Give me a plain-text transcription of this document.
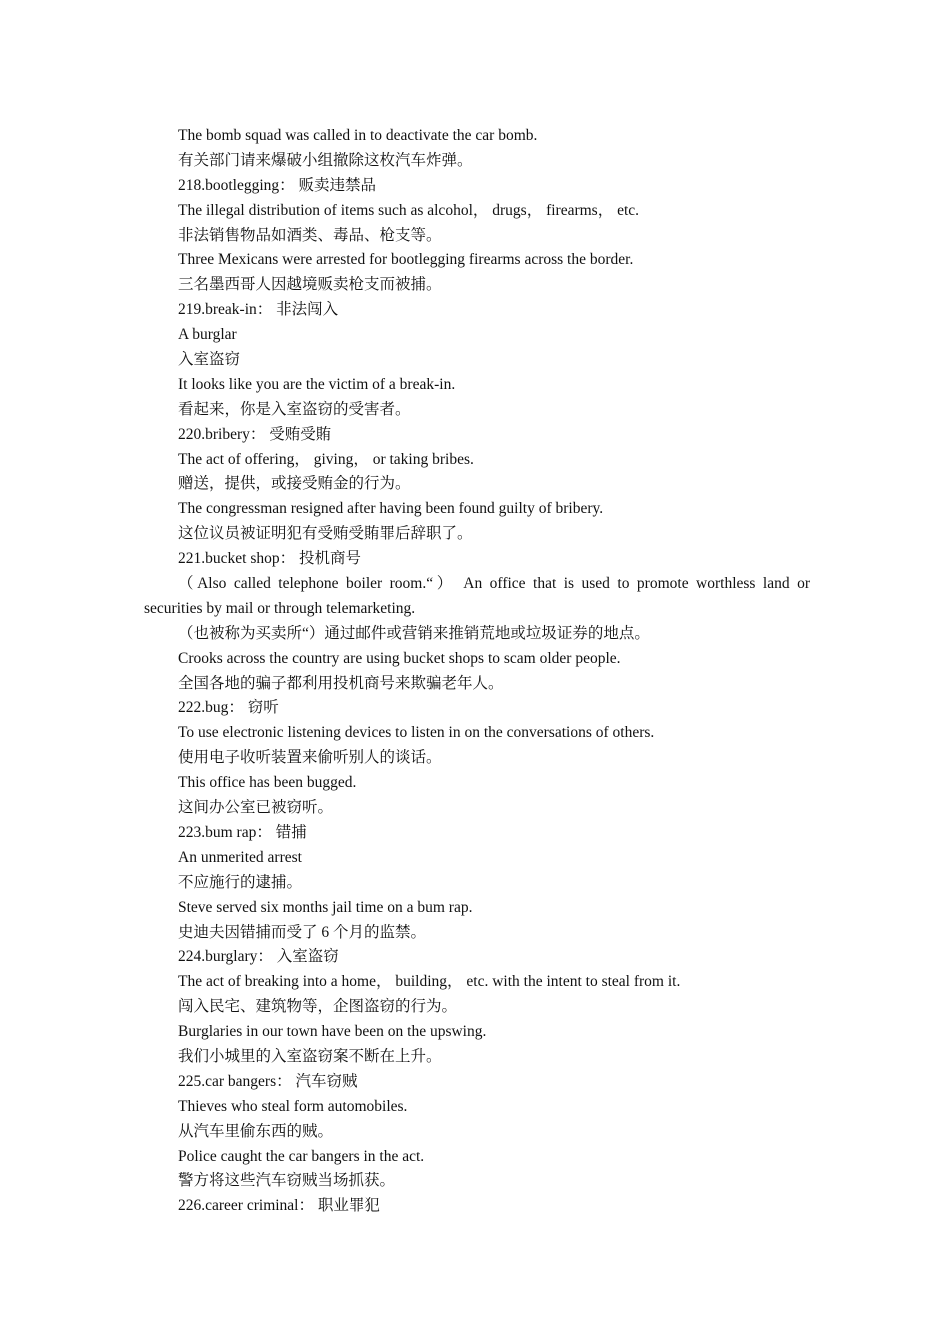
The bomb squad was called in to deactivate the car bomb.
有关部门请来爆破小组撤除这枚汽车炸弹。
218.bootlegging： 贩卖违禁品
The illegal distribution of items such as alcohol， drugs， firearms， etc.
非法销售物品如酒类、毒品、枪支等。
Three Mexicans were arrested for bootlegging firearms across the border.
三名墨西哥人因越境贩卖枪支而被捕。
219.break-in： 非法闯入
A burglar
入室盗窃
It looks like you are the victim of a break-in.
看起来，你是入室盗窃的受害者。
220.bribery： 受贿受賄
The act of offering， giving， or taking bribes.
赠送，提供，或接受贿金的行为。
The congressman resigned after having been found guilty of bribery.
这位议员被证明犯有受贿受賄罪后辞职了。
221.bucket shop： 投机商号
（Also called telephone boiler room.“） An office that is used to promote worthless land or
securities by mail or through telemarketing.
（也被称为买卖所“）通过邮件或营销来推销荒地或垃圾证券的地点。
Crooks across the country are using bucket shops to scam older people.
全国各地的骗子都利用投机商号来欺骗老年人。
222.bug： 窃听
To use electronic listening devices to listen in on the conversations of others.
使用电子收听装置来偷听别人的谈话。
This office has been bugged.
这间办公室已被窃听。
223.bum rap： 错捕
An unmerited arrest
不应施行的逮捕。
Steve served six months jail time on a bum rap.
史迪夫因错捕而受了 6 个月的监禁。
224.burglary： 入室盗窃
The act of breaking into a home， building， etc. with the intent to steal from it.
闯入民宅、建筑物等，企图盗窃的行为。
Burglaries in our town have been on the upswing.
我们小城里的入室盗窃案不断在上升。
225.car bangers： 汽车窃贼
Thieves who steal form automobiles.
从汽车里偷东西的贼。
Police caught the car bangers in the act.
警方将这些汽车窃贼当场抓获。
226.career criminal： 职业罪犯
